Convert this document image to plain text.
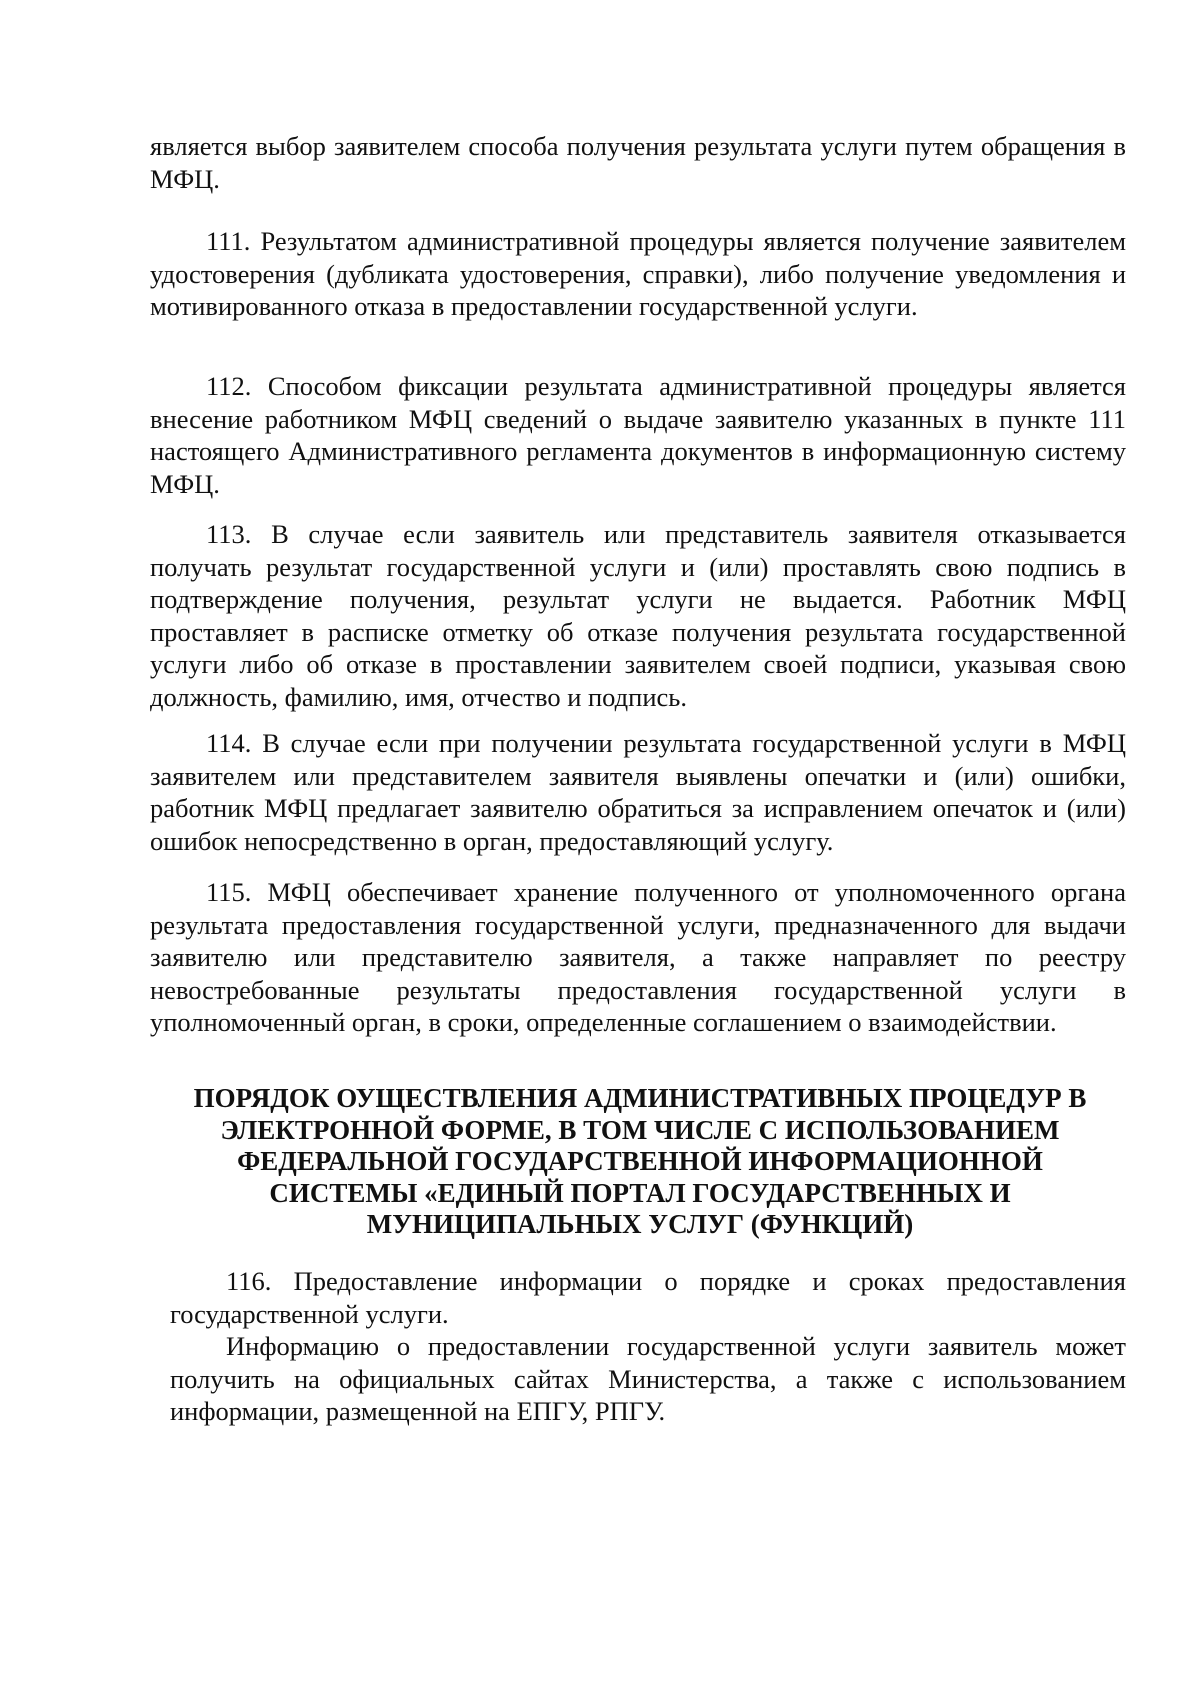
является выбор заявителем способа получения результата услуги путем обращения в МФЦ.

111. Результатом административной процедуры является получение заявителем удостоверения (дубликата удостоверения, справки), либо получение уведомления и мотивированного отказа в предоставлении государственной услуги.

112. Способом фиксации результата административной процедуры является внесение работником МФЦ сведений о выдаче заявителю указанных в пункте 111 настоящего Административного регламента документов в информационную систему МФЦ.

113. В случае если заявитель или представитель заявителя отказывается получать результат государственной услуги и (или) проставлять свою подпись в подтверждение получения, результат услуги не выдается. Работник МФЦ проставляет в расписке отметку об отказе получения результата государственной услуги либо об отказе в проставлении заявителем своей подписи, указывая свою должность, фамилию, имя, отчество и подпись.

114. В случае если при получении результата государственной услуги в МФЦ заявителем или представителем заявителя выявлены опечатки и (или) ошибки, работник МФЦ предлагает заявителю обратиться за исправлением опечаток и (или) ошибок непосредственно в орган, предоставляющий услугу.

115. МФЦ обеспечивает хранение полученного от уполномоченного органа результата предоставления государственной услуги, предназначенного для выдачи заявителю или представителю заявителя, а также направляет по реестру невостребованные результаты предоставления государственной услуги в уполномоченный орган, в сроки, определенные соглашением о взаимодействии.

ПОРЯДОК ОУЩЕСТВЛЕНИЯ АДМИНИСТРАТИВНЫХ ПРОЦЕДУР В ЭЛЕКТРОННОЙ ФОРМЕ, В ТОМ ЧИСЛЕ С ИСПОЛЬЗОВАНИЕМ ФЕДЕРАЛЬНОЙ ГОСУДАРСТВЕННОЙ ИНФОРМАЦИОННОЙ СИСТЕМЫ «ЕДИНЫЙ ПОРТАЛ ГОСУДАРСТВЕННЫХ И МУНИЦИПАЛЬНЫХ УСЛУГ (ФУНКЦИЙ)

116. Предоставление информации о порядке и сроках предоставления государственной услуги.

Информацию о предоставлении государственной услуги заявитель может получить на официальных сайтах Министерства, а также с использованием информации, размещенной на ЕПГУ, РПГУ.
